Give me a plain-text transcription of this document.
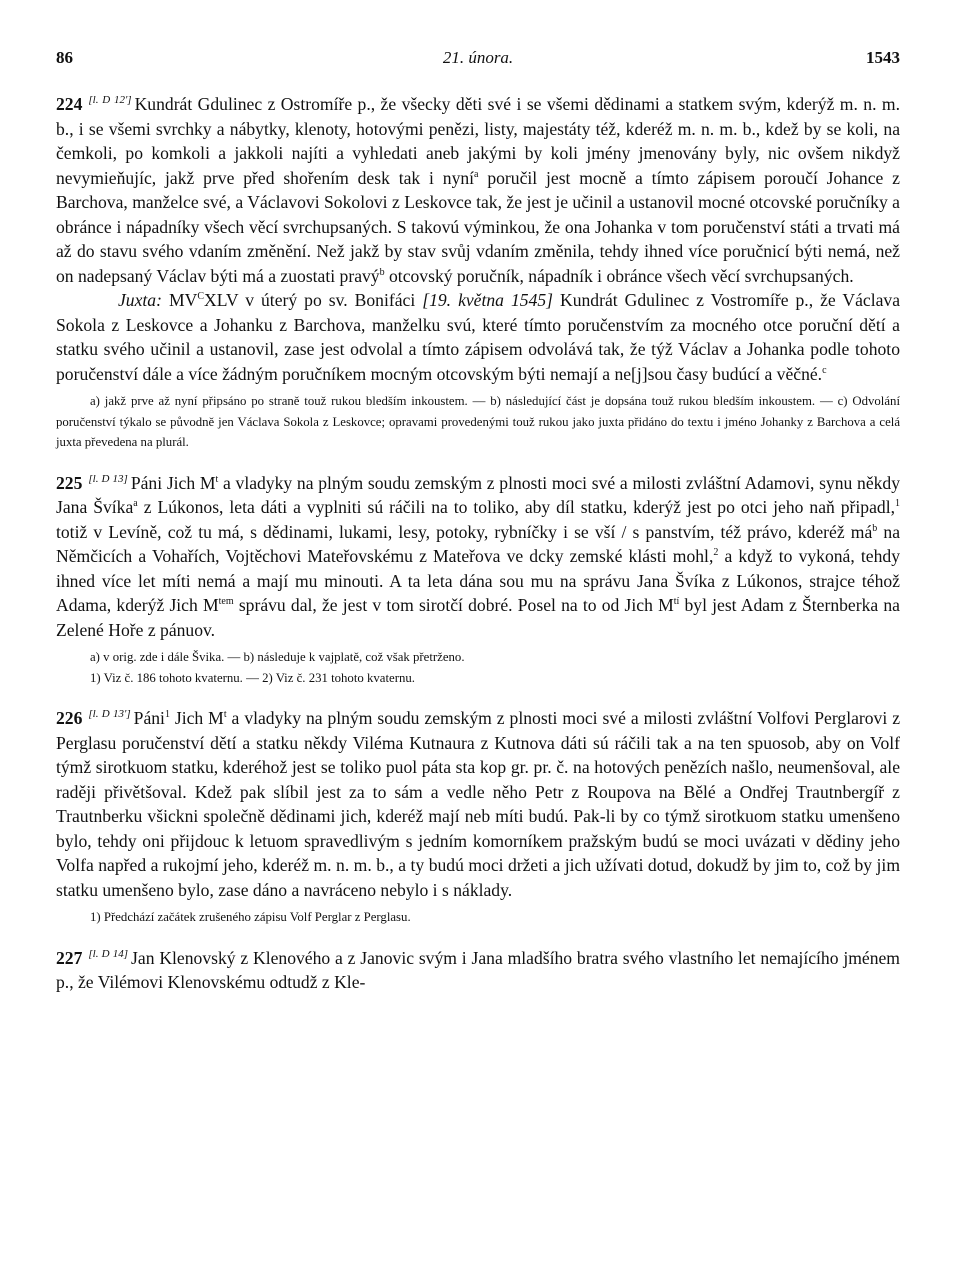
86	21. února.	1543

224 [l. D 12'] Kundrát Gdulinec z Ostromíře p., že všecky děti své i se všemi dědinami a statkem svým, kderýž m. n. m. b., i se všemi svrchky a nábytky, klenoty, hotovými penězi, listy, majestáty též, kderéž m. n. m. b., kdež by se koli, na čemkoli, po komkoli a jakkoli najíti a vyhledati aneb jakými by koli jmény jmenovány byly, nic ovšem nikdyž nevymieňujíc, jakž prve před shořením desk tak i nyní$^a$ poručil jest mocně a tímto zápisem poroučí Johance z Barchova, manželce své, a Václavovi Sokolovi z Leskovce tak, že jest je učinil a ustanovil mocné otcovské poručníky a obránce i nápadníky všech věcí svrchupsaných. S takovú výminkou, že ona Johanka v tom poručenství státi a trvati má až do stavu svého vdaním změnění. Než jakž by stav svůj vdaním změnila, tehdy ihned více poručnicí býti nemá, než on nadepsaný Václav býti má a zuostati pravý$^b$ otcovský poručník, nápadník i obránce všech věcí svrchupsaných.

Juxta: $MV^CXLV$ v úterý po sv. Bonifáci [19. května 1545] Kundrát Gdulinec z Vostromíře p., že Václava Sokola z Leskovce a Johanku z Barchova, manželku svú, které tímto poručenstvím za mocného otce poruční dětí a statku svého učinil a ustanovil, zase jest odvolal a tímto zápisem odvolává tak, že týž Václav a Johanka podle tohoto poručenství dále a více žádným poručníkem mocným otcovským býti nemají a ne[j]sou časy budúcí a věčné.$^c$

a) jakž prve až nyní připsáno po straně touž rukou bledším inkoustem. — b) následující část je dopsána touž rukou bledším inkoustem. — c) Odvolání poručenství týkalo se původně jen Václava Sokola z Leskovce; opravami provedenými touž rukou jako juxta přidáno do textu i jméno Johanky z Barchova a celá juxta převedena na plurál.

225 [l. D 13] Páni Jich $M^t$ a vladyky na plným soudu zemským z plnosti moci své a milosti zvláštní Adamovi, synu někdy Jana Švíka$^a$ z Lúkonos, leta dáti a vyplniti sú ráčili na to toliko, aby díl statku, kderýž jest po otci jeho naň připadl,$^1$ totiž v Levíně, což tu má, s dědinami, lukami, lesy, potoky, rybníčky i se vší / s panstvím, též právo, kderéž $má^b$ na Němčicích a Vohařích, Vojtěchovi Mateřovskému z Mateřova ve dcky zemské klásti mohl,$^2$ a když to vykoná, tehdy ihned více let míti nemá a mají mu minouti. A ta leta dána sou mu na správu Jana Švíka z Lúkonos, strajce téhož Adama, kderýž Jich $M^{tem}$ správu dal, že jest v tom sirotčí dobré. Posel na to od Jich $M^{tí}$ byl jest Adam z Šternberka na Zelené Hoře z pánuov.

a) v orig. zde i dále Švika. — b) následuje k vajplatě, což však přetrženo.

1) Viz č. 186 tohoto kvaternu. — 2) Viz č. 231 tohoto kvaternu.

226 [l. D 13'] Páni$^1$ Jich $M^t$ a vladyky na plným soudu zemským z plnosti moci své a milosti zvláštní Volfovi Perglarovi z Perglasu poručenství dětí a statku někdy Viléma Kutnaura z Kutnova dáti sú ráčili tak a na ten spuosob, aby on Volf týmž sirotkuom statku, kderéhož jest se toliko puol páta sta kop gr. pr. č. na hotových penězích našlo, neumenšoval, ale raději přivětšoval. Kdež pak slíbil jest za to sám a vedle něho Petr z Roupova na Bělé a Ondřej Trautnbergíř z Trautnberku všickni společně dědinami jich, kderéž mají neb míti budú. Pak-li by co týmž sirotkuom statku umenšeno bylo, tehdy oni přijdouc k letuom spravedlivým s jedním komorníkem pražským budú se moci uvázati v dědiny jeho Volfa napřed a rukojmí jeho, kderéž m. n. m. b., a ty budú moci držeti a jich užívati dotud, dokudž by jim to, což by jim statku umenšeno bylo, zase dáno a navráceno nebylo i s náklady.

1) Předchází začátek zrušeného zápisu Volf Perglar z Perglasu.

227 [l. D 14] Jan Klenovský z Klenového a z Janovic svým i Jana mladšího bratra svého vlastního let nemajícího jménem p., že Vilémovi Klenovskému odtudž z Kle-
